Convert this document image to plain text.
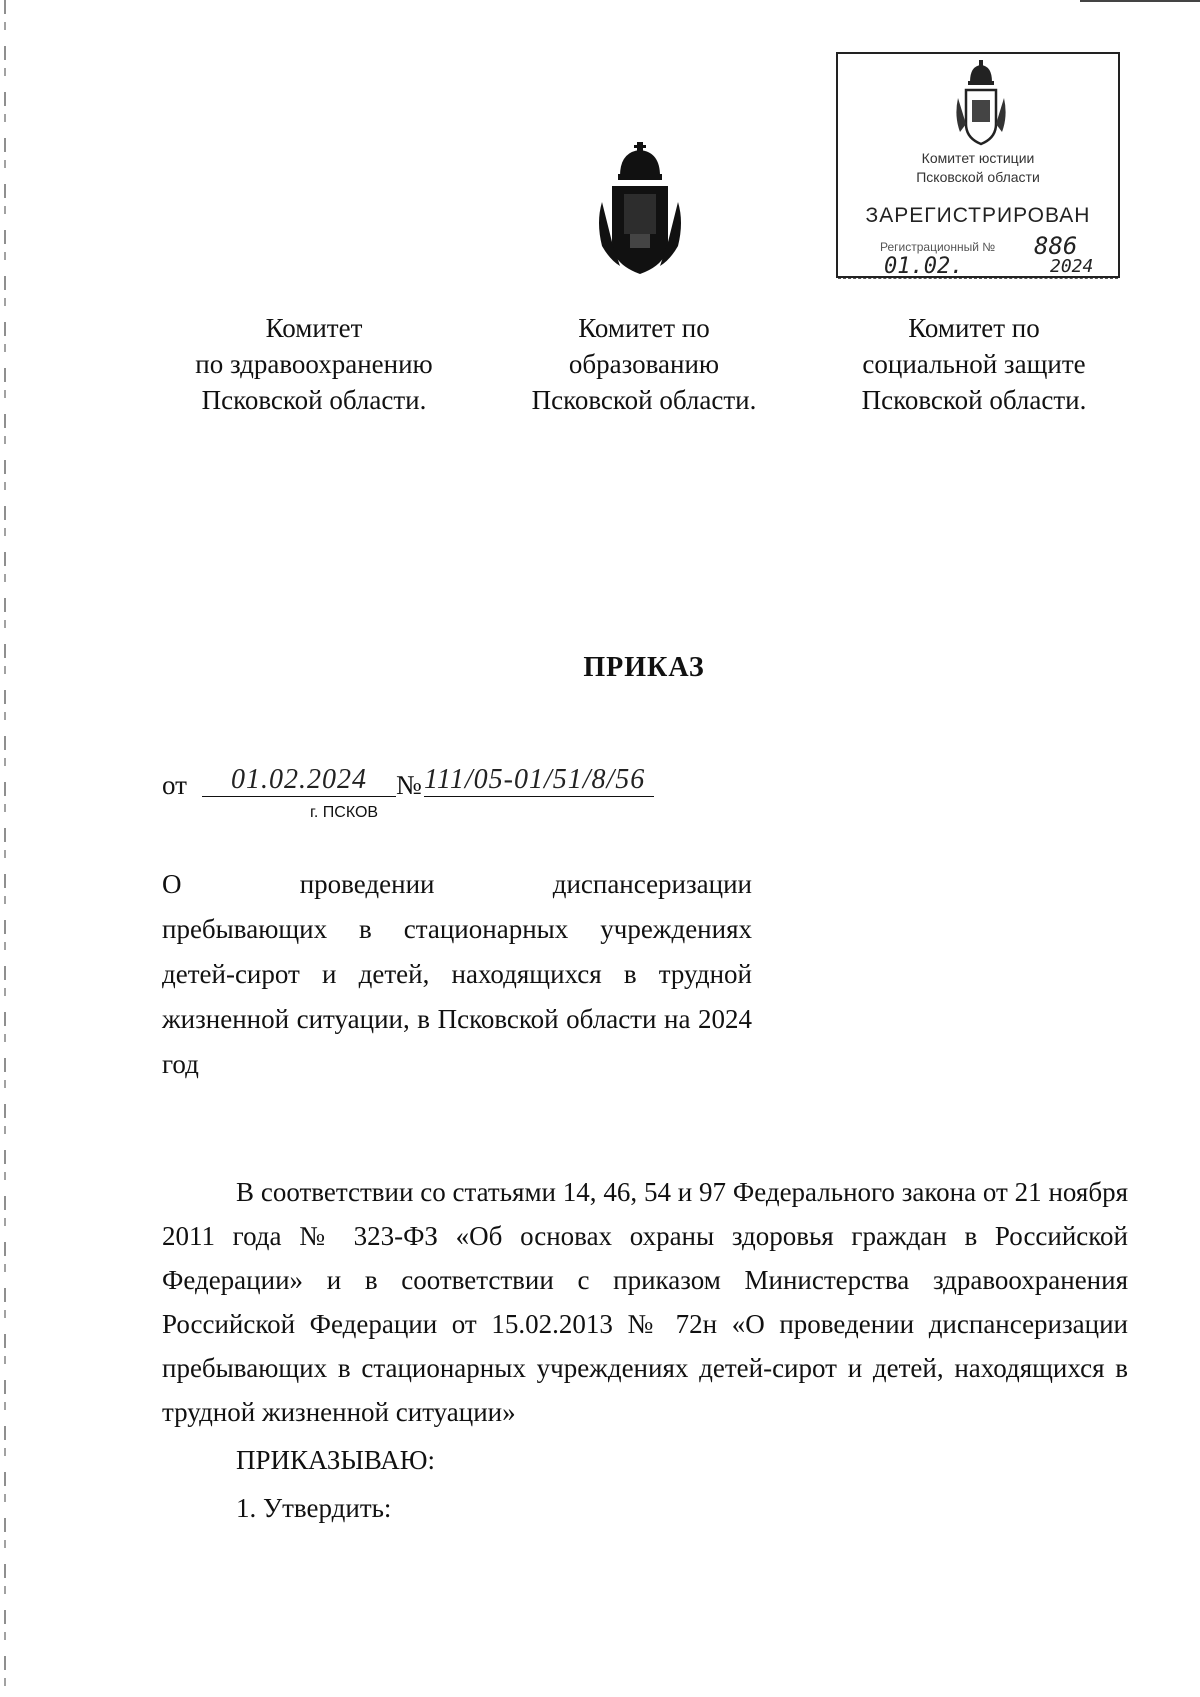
Комитет юстиции
Псковской области
ЗАРЕГИСТРИРОВАН
Регистрационный № 886
01.02.	2024
Комитет
по здравоохранению
Псковской области.
Комитет по
образованию
Псковской области.
Комитет по
социальной защите
Псковской области.
ПРИКАЗ
от	01.02.2024
г. ПСКОВ
№ 111/05-01/51/8/56
О проведении диспансеризации
пребывающих в стационарных учреждениях детей-сирот и детей, находящихся в трудной жизненной ситуации, в Псковской области на 2024 год

В соответствии со статьями 14, 46, 54 и 97 Федерального закона от 21 ноября 2011 года № 323-ФЗ «Об основах охраны здоровья граждан в Российской Федерации» и в соответствии с приказом Министерства здравоохранения Российской Федерации от 15.02.2013 № 72н «О проведении диспансеризации пребывающих в стационарных учреждениях детей-сирот и детей, находящихся в трудной жизненной ситуации»

ПРИКАЗЫВАЮ:
1. Утвердить:
